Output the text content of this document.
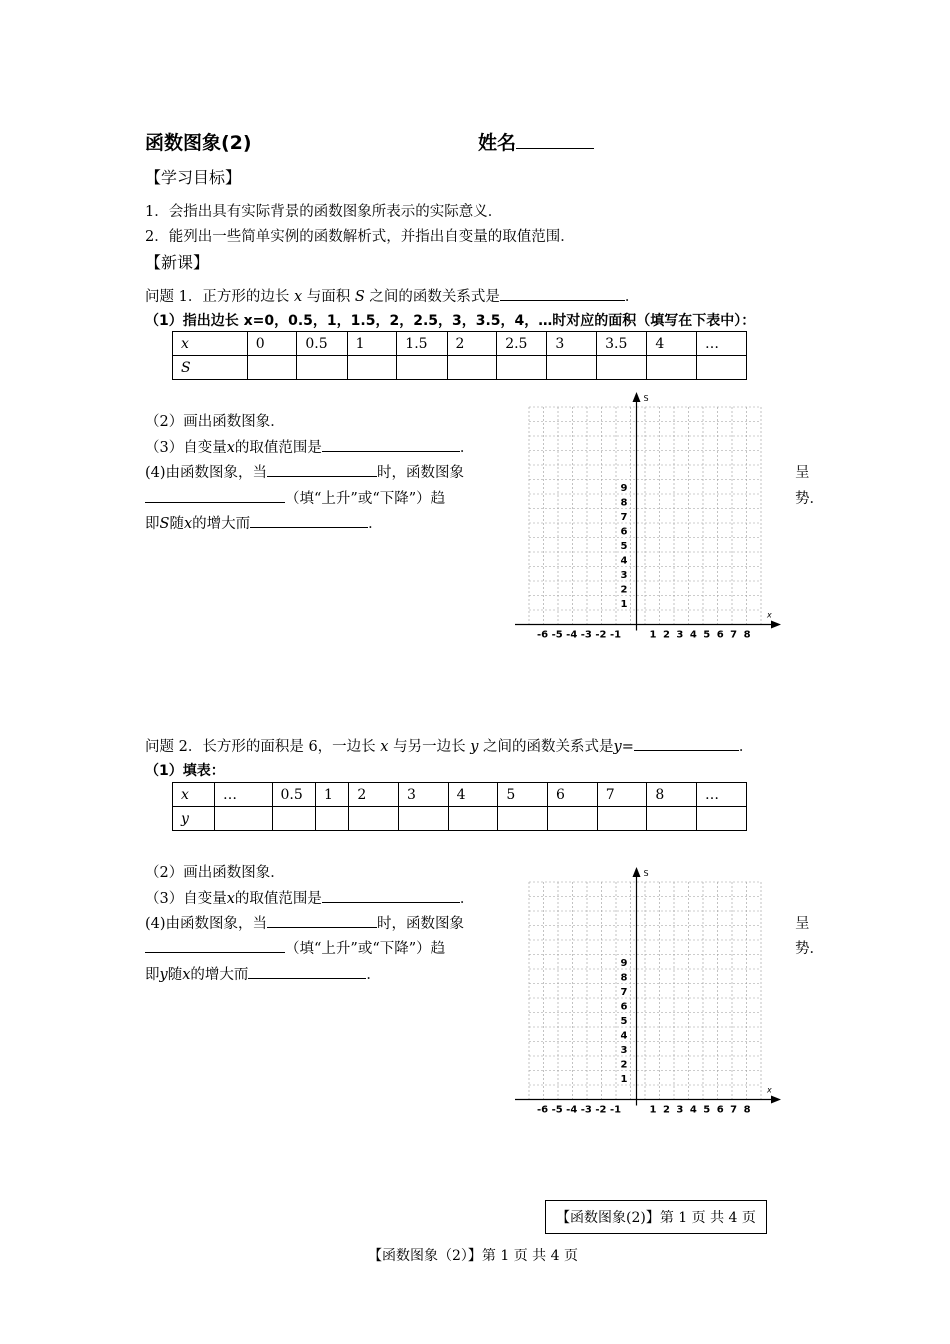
函数图象(2)	姓名
【学习目标】
1．会指出具有实际背景的函数图象所表示的实际意义．
2．能列出一些简单实例的函数解析式，并指出自变量的取值范围．
【新课】
问题 1．正方形的边长 x 与面积 S 之间的函数关系式是	．
（1）指出边长 x=0，0.5，1，1.5，2，2.5，3，3.5，4，…时对应的面积（填写在下表中）：
x	0	0.5	1	1.5	2	2.5	3	3.5	4	…
S										
（2）画出函数图象．
（3）自变量x的取值范围是	．
(4)由函数图象，当	时，函数图象	呈
（填“上升”或“下降”）趋	势．
即S随x的增大而	．
S
x
9
8
7
6
5
4
3
2
1
-6 -5 -4 -3 -2 -1	1 2 3 4 5 6 7 8
问题 2．长方形的面积是 6，一边长 x 与另一边长 y 之间的函数关系式是y=	．
（1）填表：
x	…	0.5	1	2	3	4	5	6	7	8	…
y											
（2）画出函数图象．
（3）自变量x的取值范围是	．
(4)由函数图象，当	时，函数图象	呈
（填“上升”或“下降”）趋	势．
即y随x的增大而	．
S
x
9
8
7
6
5
4
3
2
1
-6 -5 -4 -3 -2 -1	1 2 3 4 5 6 7 8
【函数图象(2)】第 1 页 共 4 页
【函数图象（2）】第 1 页 共 4 页
